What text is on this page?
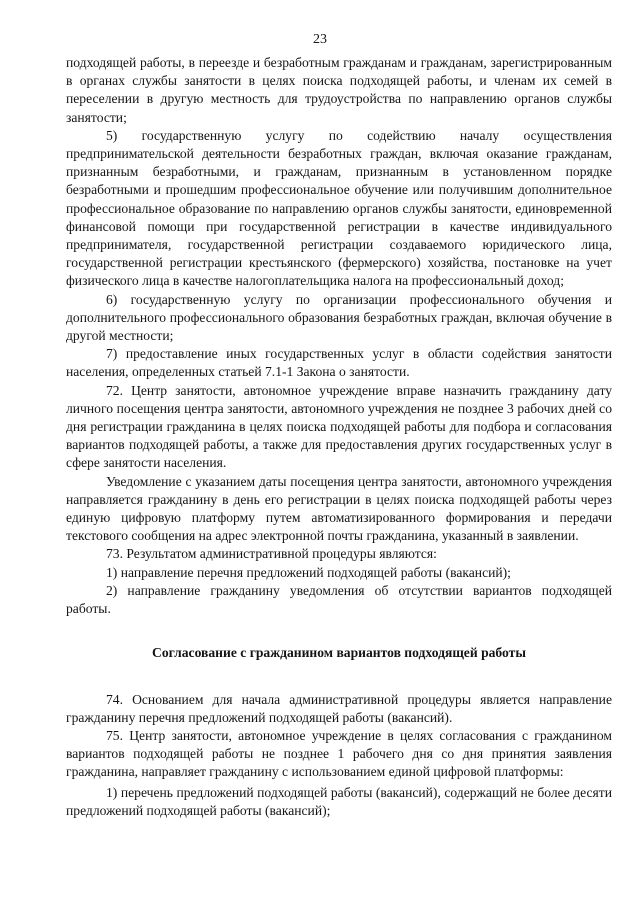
23

подходящей работы, в переезде и безработным гражданам и гражданам, зарегистрированным в органах службы занятости в целях поиска подходящей работы, и членам их семей в переселении в другую местность для трудоустройства по направлению органов службы занятости;

5) государственную услугу по содействию началу осуществления предпринимательской деятельности безработных граждан, включая оказание гражданам, признанным безработными, и гражданам, признанным в установленном порядке безработными и прошедшим профессиональное обучение или получившим дополнительное профессиональное образование по направлению органов службы занятости, единовременной финансовой помощи при государственной регистрации в качестве индивидуального предпринимателя, государственной регистрации создаваемого юридического лица, государственной регистрации крестьянского (фермерского) хозяйства, постановке на учет физического лица в качестве налогоплательщика налога на профессиональный доход;

6) государственную услугу по организации профессионального обучения и дополнительного профессионального образования безработных граждан, включая обучение в другой местности;

7) предоставление иных государственных услуг в области содействия занятости населения, определенных статьей 7.1-1 Закона о занятости.

72. Центр занятости, автономное учреждение вправе назначить гражданину дату личного посещения центра занятости, автономного учреждения не позднее 3 рабочих дней со дня регистрации гражданина в целях поиска подходящей работы для подбора и согласования вариантов подходящей работы, а также для предоставления других государственных услуг в сфере занятости населения.

Уведомление с указанием даты посещения центра занятости, автономного учреждения направляется гражданину в день его регистрации в целях поиска подходящей работы через единую цифровую платформу путем автоматизированного формирования и передачи текстового сообщения на адрес электронной почты гражданина, указанный в заявлении.

73. Результатом административной процедуры являются:

1) направление перечня предложений подходящей работы (вакансий);

2) направление гражданину уведомления об отсутствии вариантов подходящей работы.

Согласование с гражданином вариантов подходящей работы

74. Основанием для начала административной процедуры является направление гражданину перечня предложений подходящей работы (вакансий).

75. Центр занятости, автономное учреждение в целях согласования с гражданином вариантов подходящей работы не позднее 1 рабочего дня со дня принятия заявления гражданина, направляет гражданину с использованием единой цифровой платформы:

1) перечень предложений подходящей работы (вакансий), содержащий не более десяти предложений подходящей работы (вакансий);
